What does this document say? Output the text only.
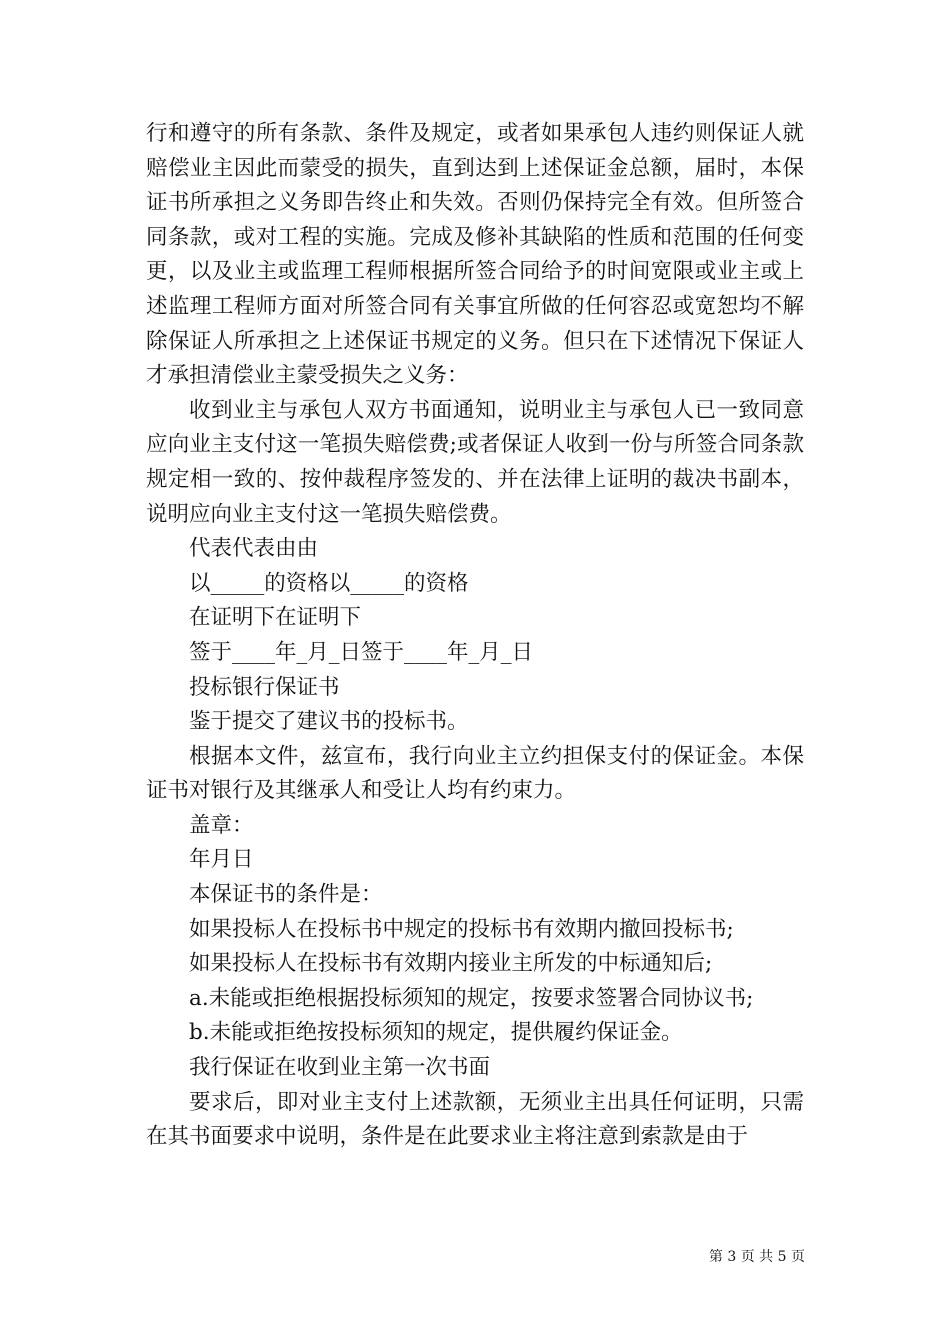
行和遵守的所有条款、条件及规定，或者如果承包人违约则保证人就赔偿业主因此而蒙受的损失，直到达到上述保证金总额，届时，本保证书所承担之义务即告终止和失效。否则仍保持完全有效。但所签合同条款，或对工程的实施。完成及修补其缺陷的性质和范围的任何变更，以及业主或监理工程师根据所签合同给予的时间宽限或业主或上述监理工程师方面对所签合同有关事宜所做的任何容忍或宽恕均不解除保证人所承担之上述保证书规定的义务。但只在下述情况下保证人才承担清偿业主蒙受损失之义务：

收到业主与承包人双方书面通知，说明业主与承包人已一致同意应向业主支付这一笔损失赔偿费;或者保证人收到一份与所签合同条款规定相一致的、按仲裁程序签发的、并在法律上证明的裁决书副本，说明应向业主支付这一笔损失赔偿费。

代表代表由由

以_____的资格以_____的资格

在证明下在证明下

签于____年_月_日签于____年_月_日

投标银行保证书

鉴于提交了建议书的投标书。

根据本文件，兹宣布，我行向业主立约担保支付的保证金。本保证书对银行及其继承人和受让人均有约束力。

盖章：

年月日

本保证书的条件是：

如果投标人在投标书中规定的投标书有效期内撤回投标书;

如果投标人在投标书有效期内接业主所发的中标通知后;

a.未能或拒绝根据投标须知的规定，按要求签署合同协议书;

b.未能或拒绝按投标须知的规定，提供履约保证金。

我行保证在收到业主第一次书面

要求后，即对业主支付上述款额，无须业主出具任何证明，只需在其书面要求中说明，条件是在此要求业主将注意到索款是由于

第 3 页 共 5 页
